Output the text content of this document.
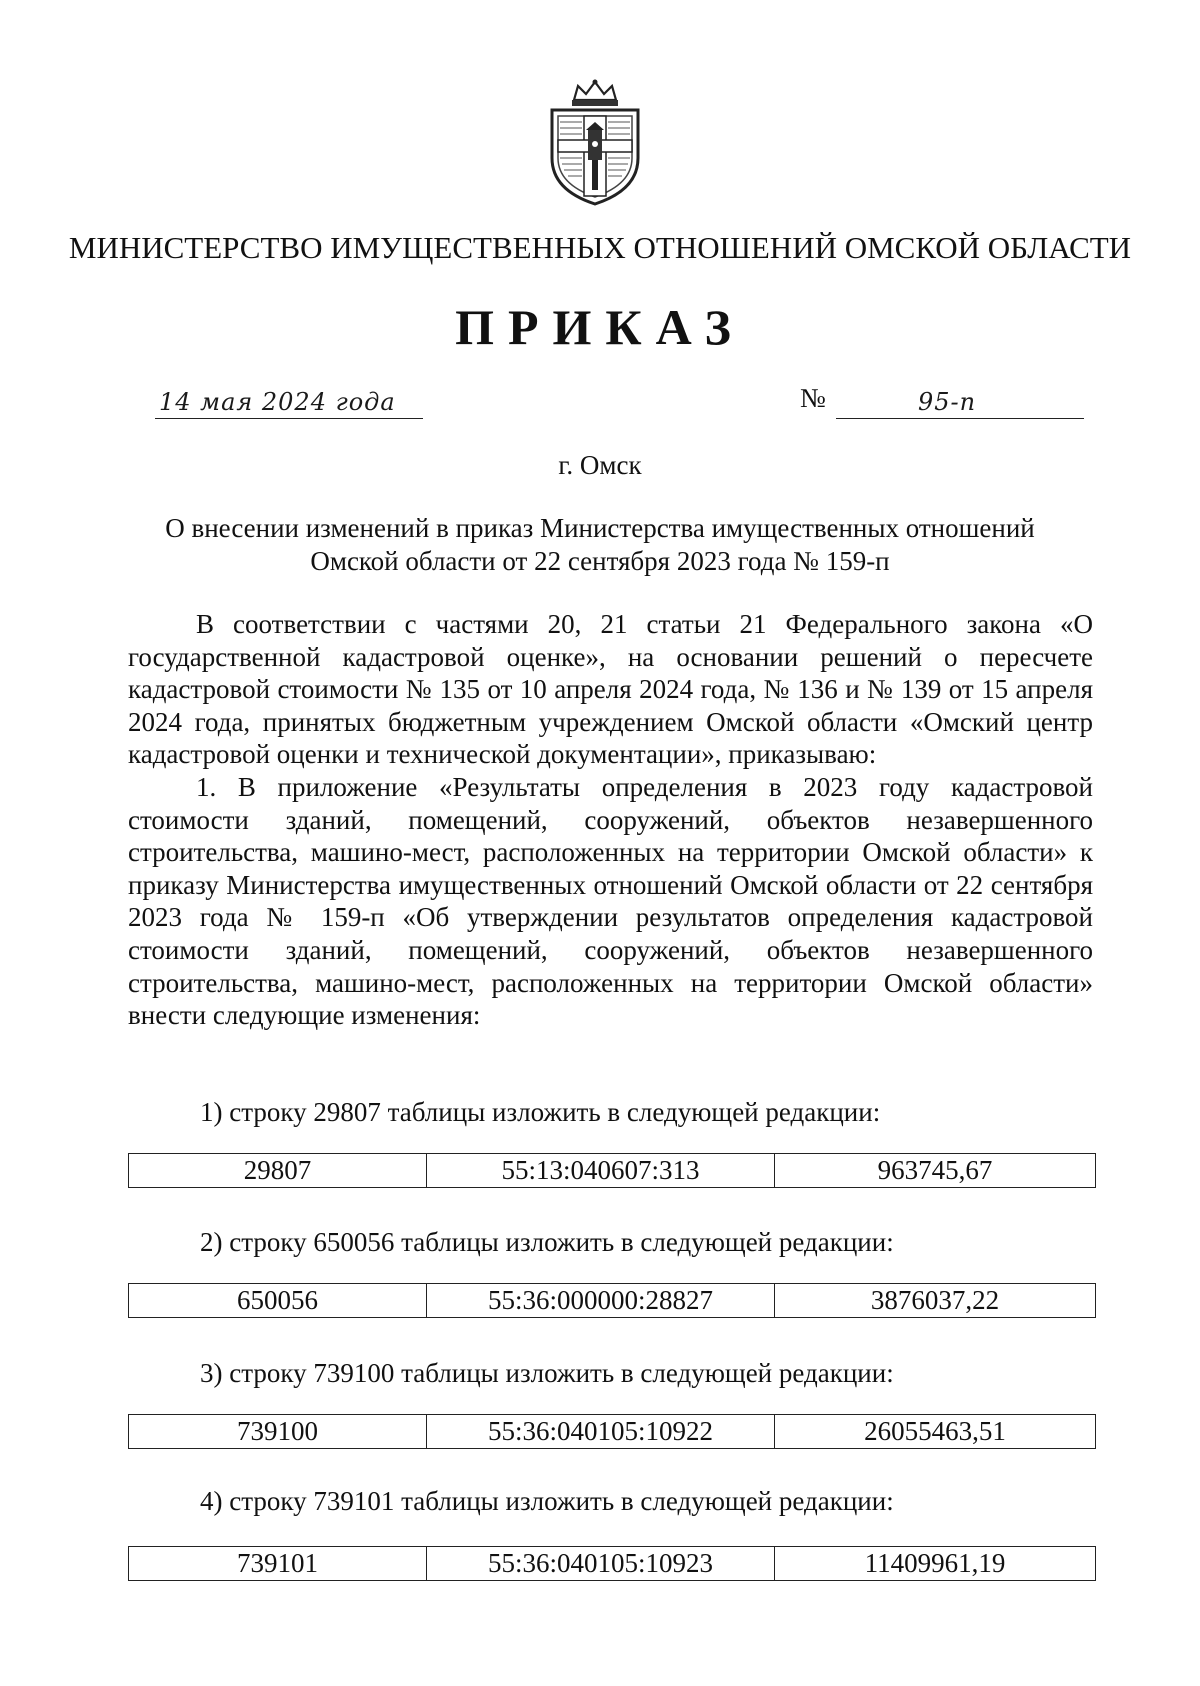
МИНИСТЕРСТВО ИМУЩЕСТВЕННЫХ ОТНОШЕНИЙ ОМСКОЙ ОБЛАСТИ
ПРИКАЗ
14 мая 2024 года	№	95-п
г. Омск
О внесении изменений в приказ Министерства имущественных отношений
Омской области от 22 сентября 2023 года № 159-п

В соответствии с частями 20, 21 статьи 21 Федерального закона «О государственной кадастровой оценке», на основании решений о пересчете кадастровой стоимости № 135 от 10 апреля 2024 года, № 136 и № 139 от 15 апреля 2024 года, принятых бюджетным учреждением Омской области «Омский центр кадастровой оценки и технической документации», приказываю:

1. В приложение «Результаты определения в 2023 году кадастровой стоимости зданий, помещений, сооружений, объектов незавершенного строительства, машино-мест, расположенных на территории Омской области» к приказу Министерства имущественных отношений Омской области от 22 сентября 2023 года № 159-п «Об утверждении результатов определения кадастровой стоимости зданий, помещений, сооружений, объектов незавершенного строительства, машино-мест, расположенных на территории Омской области» внести следующие изменения:

1) строку 29807 таблицы изложить в следующей редакции:
29807	55:13:040607:313	963745,67
2) строку 650056 таблицы изложить в следующей редакции:
650056	55:36:000000:28827	3876037,22
3) строку 739100 таблицы изложить в следующей редакции:
739100	55:36:040105:10922	26055463,51
4) строку 739101 таблицы изложить в следующей редакции:
739101	55:36:040105:10923	11409961,19
